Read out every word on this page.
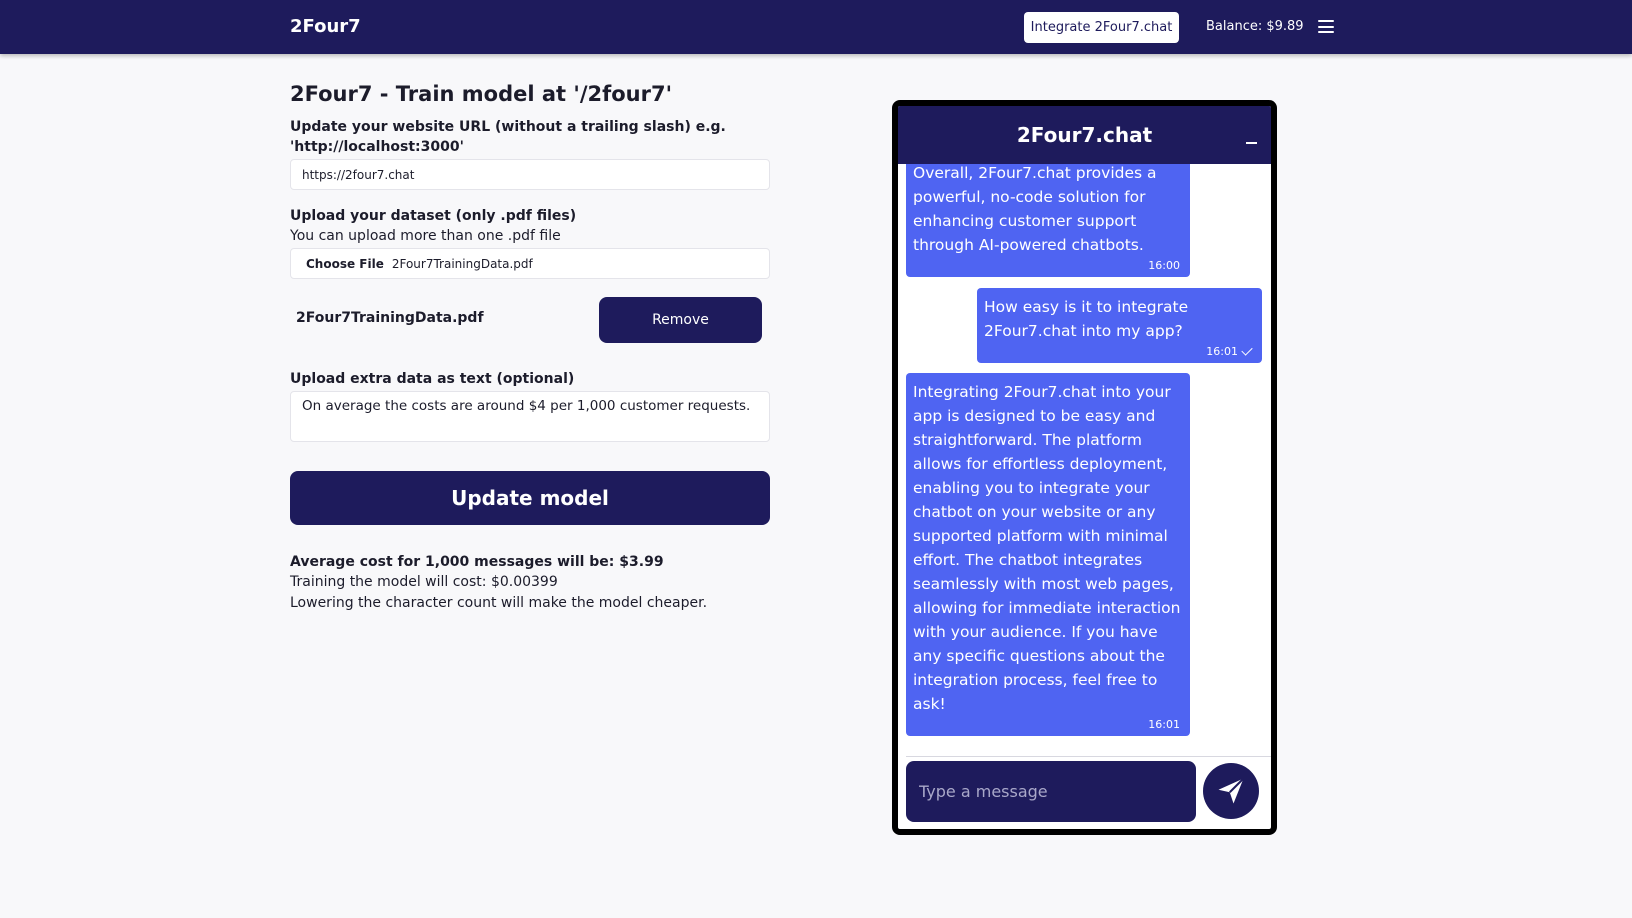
2Four7	Integrate 2Four7.chat	Balance: $9.89
2Four7 - Train model at '/2four7'
Update your website URL (without a trailing slash) e.g.
'http://localhost:3000'
https://2four7.chat
Upload your dataset (only .pdf files)
You can upload more than one .pdf file
Choose File 2Four7TrainingData.pdf
2Four7TrainingData.pdf	Remove
Upload extra data as text (optional)
On average the costs are around $4 per 1,000 customer requests.
Update model
Average cost for 1,000 messages will be: $3.99
Training the model will cost: $0.00399
Lowering the character count will make the model cheaper.
2Four7.chat
Overall, 2Four7.chat provides a powerful, no-code solution for enhancing customer support through AI-powered chatbots.
16:00
How easy is it to integrate 2Four7.chat into my app?
16:01
Integrating 2Four7.chat into your app is designed to be easy and straightforward. The platform allows for effortless deployment, enabling you to integrate your chatbot on your website or any supported platform with minimal effort. The chatbot integrates seamlessly with most web pages, allowing for immediate interaction with your audience. If you have any specific questions about the integration process, feel free to ask!
16:01
Type a message
